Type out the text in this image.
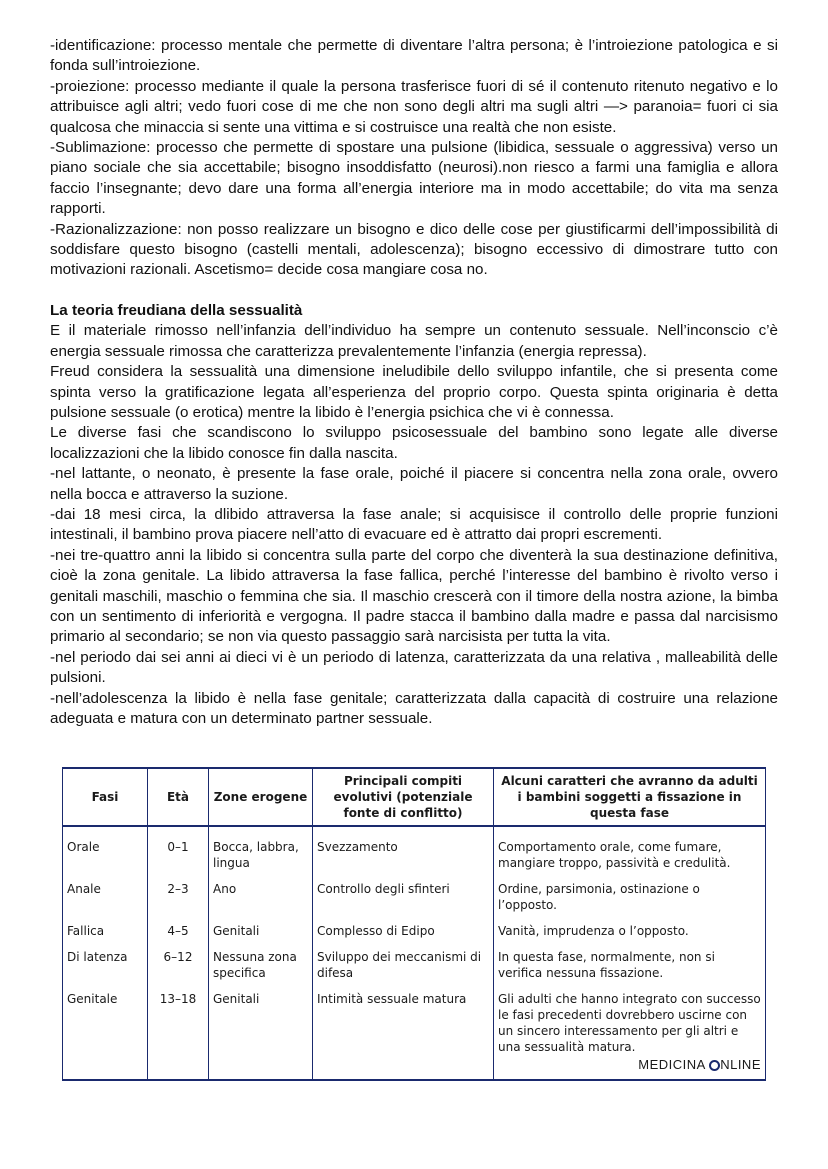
-identificazione: processo mentale che permette di diventare l’altra persona; è l’introiezione patologica e si fonda sull’introiezione.

-proiezione: processo mediante il quale la persona trasferisce fuori di sé il contenuto ritenuto negativo e lo attribuisce agli altri; vedo fuori cose di me che non sono degli altri ma sugli altri —> paranoia= fuori ci sia qualcosa che minaccia si sente una vittima e si costruisce una realtà che non esiste.

-Sublimazione: processo che permette di spostare una pulsione (libidica, sessuale o aggressiva) verso un piano sociale che sia accettabile; bisogno insoddisfatto (neurosi).non riesco a farmi una famiglia e allora faccio l’insegnante; devo dare una forma all’energia interiore ma in modo accettabile; do vita ma senza rapporti.

-Razionalizzazione: non posso realizzare un bisogno e dico delle cose per giustificarmi dell’impossibilità di soddisfare questo bisogno (castelli mentali, adolescenza); bisogno eccessivo di dimostrare tutto con motivazioni razionali. Ascetismo= decide cosa mangiare cosa no.

La teoria freudiana della sessualità

E il materiale rimosso nell’infanzia dell’individuo ha sempre un contenuto sessuale. Nell’inconscio c’è energia sessuale rimossa che caratterizza prevalentemente l’infanzia (energia repressa).

Freud considera la sessualità una dimensione ineludibile dello sviluppo infantile, che si presenta come spinta verso la gratificazione legata all’esperienza del proprio corpo. Questa spinta originaria è detta pulsione sessuale (o erotica) mentre la libido è l’energia psichica che vi è connessa.

Le diverse fasi che scandiscono lo sviluppo psicosessuale del bambino sono legate alle diverse localizzazioni che la libido conosce fin dalla nascita.

-nel lattante, o neonato, è presente la fase orale, poiché il piacere si concentra nella zona orale, ovvero nella bocca e attraverso la suzione.

-dai 18 mesi circa, la dlibido attraversa la fase anale; si acquisisce il controllo delle proprie funzioni intestinali, il bambino prova piacere nell’atto di evacuare ed è attratto dai propri escrementi.

-nei tre-quattro anni la libido si concentra sulla parte del corpo che diventerà la sua destinazione definitiva, cioè la zona genitale. La libido attraversa la fase fallica, perché l’interesse del bambino è rivolto verso i genitali maschili, maschio o femmina che sia. Il maschio crescerà con il timore della nostra azione, la bimba con un sentimento di inferiorità e vergogna. Il padre stacca il bambino dalla madre e passa dal narcisismo primario al secondario; se non via questo passaggio sarà narcisista per tutta la vita.

-nel periodo dai sei anni ai dieci vi è un periodo di latenza, caratterizzata da una relativa , malleabilità delle pulsioni.

-nell’adolescenza la libido è nella fase genitale; caratterizzata dalla capacità di costruire una relazione adeguata e matura con un determinato partner sessuale.

Fasi	Età	Zone erogene	Principali compiti evolutivi (potenziale fonte di conflitto)	Alcuni caratteri che avranno da adulti i bambini soggetti a fissazione in questa fase
Orale	0–1	Bocca, labbra, lingua	Svezzamento	Comportamento orale, come fumare, mangiare troppo, passività e credulità.
Anale	2–3	Ano	Controllo degli sfinteri	Ordine, parsimonia, ostinazione o l’opposto.
Fallica	4–5	Genitali	Complesso di Edipo	Vanità, imprudenza o l’opposto.
Di latenza	6–12	Nessuna zona specifica	Sviluppo dei meccanismi di difesa	In questa fase, normalmente, non si verifica nessuna fissazione.
Genitale	13–18	Genitali	Intimità sessuale matura	Gli adulti che hanno integrato con successo le fasi precedenti dovrebbero uscirne con un sincero interessamento per gli altri e una sessualità matura.
MEDICINA NLINE
